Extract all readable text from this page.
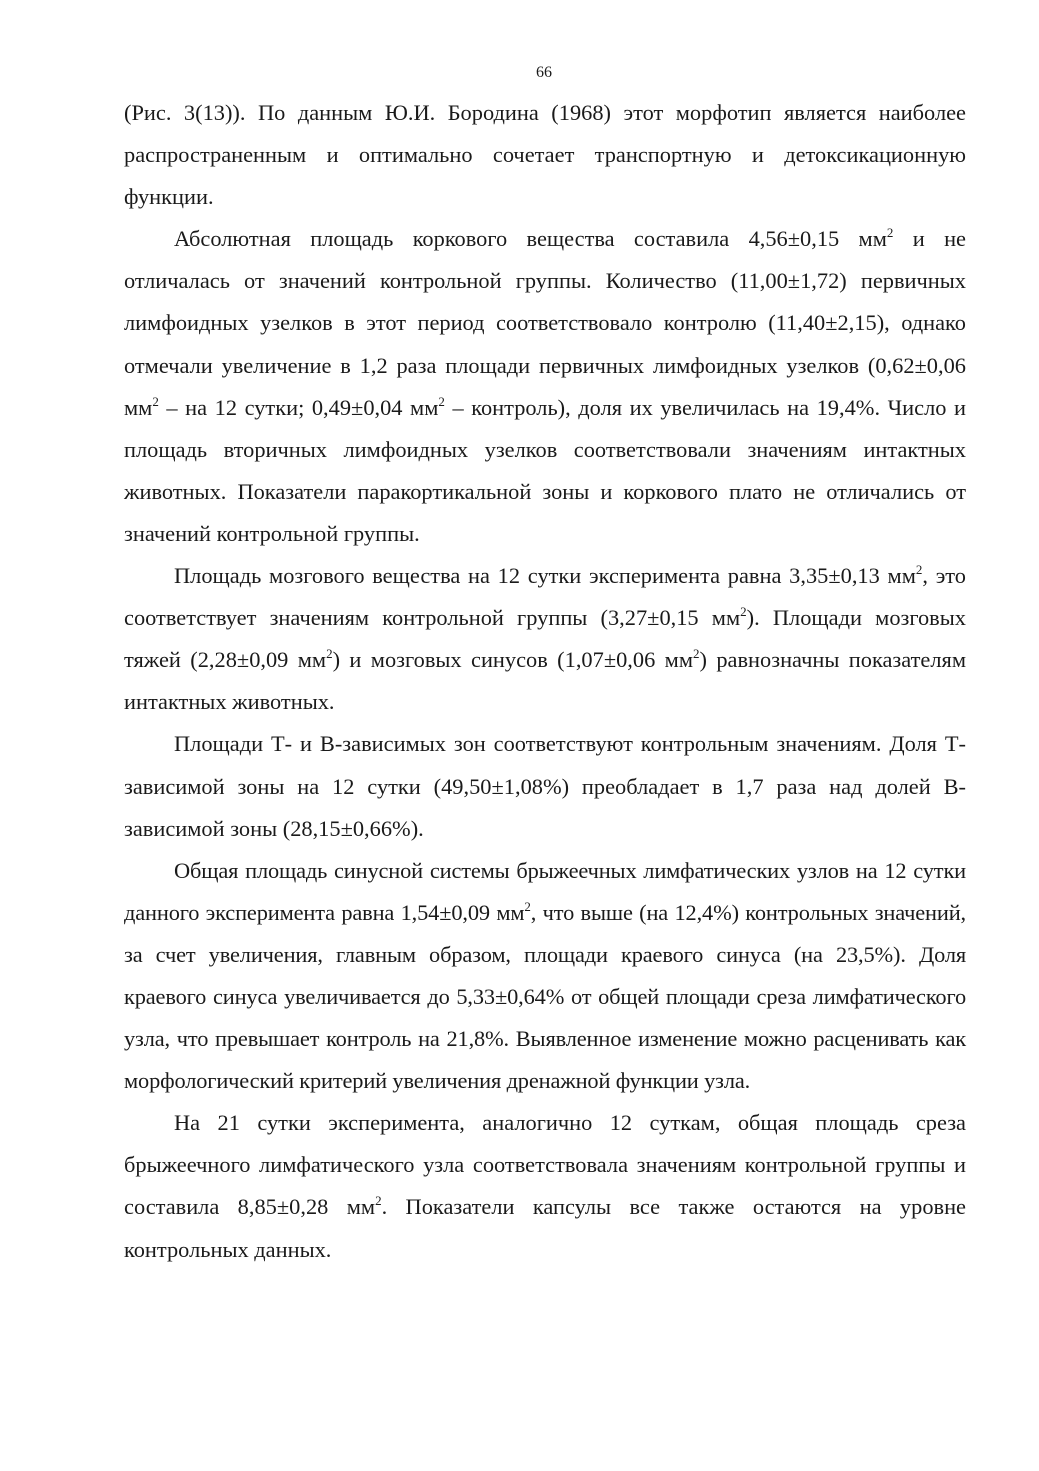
66

(Рис. 3(13)). По данным Ю.И. Бородина (1968) этот морфотип является наиболее распространенным и оптимально сочетает транспортную и детоксикационную функции.

Абсолютная площадь коркового вещества составила 4,56±0,15 $мм^2$ и не отличалась от значений контрольной группы. Количество (11,00±1,72) первичных лимфоидных узелков в этот период соответствовало контролю (11,40±2,15), однако отмечали увеличение в 1,2 раза площади первичных лимфоидных узелков (0,62±0,06 $мм^2$ – на 12 сутки; 0,49±0,04 $мм^2$ – контроль), доля их увеличилась на 19,4%. Число и площадь вторичных лимфоидных узелков соответствовали значениям интактных животных. Показатели паракортикальной зоны и коркового плато не отличались от значений контрольной группы.

Площадь мозгового вещества на 12 сутки эксперимента равна 3,35±0,13 $мм^2$, это соответствует значениям контрольной группы (3,27±0,15 $мм^2$). Площади мозговых тяжей (2,28±0,09 $мм^2$) и мозговых синусов (1,07±0,06 $мм^2$) равнозначны показателям интактных животных.

Площади Т- и В-зависимых зон соответствуют контрольным значениям. Доля Т-зависимой зоны на 12 сутки (49,50±1,08%) преобладает в 1,7 раза над долей В-зависимой зоны (28,15±0,66%).

Общая площадь синусной системы брыжеечных лимфатических узлов на 12 сутки данного эксперимента равна 1,54±0,09 $мм^2$, что выше (на 12,4%) контрольных значений, за счет увеличения, главным образом, площади краевого синуса (на 23,5%). Доля краевого синуса увеличивается до 5,33±0,64% от общей площади среза лимфатического узла, что превышает контроль на 21,8%. Выявленное изменение можно расценивать как морфологический критерий увеличения дренажной функции узла.

На 21 сутки эксперимента, аналогично 12 суткам, общая площадь среза брыжеечного лимфатического узла соответствовала значениям контрольной группы и составила 8,85±0,28 $мм^2$. Показатели капсулы все также остаются на уровне контрольных данных.
